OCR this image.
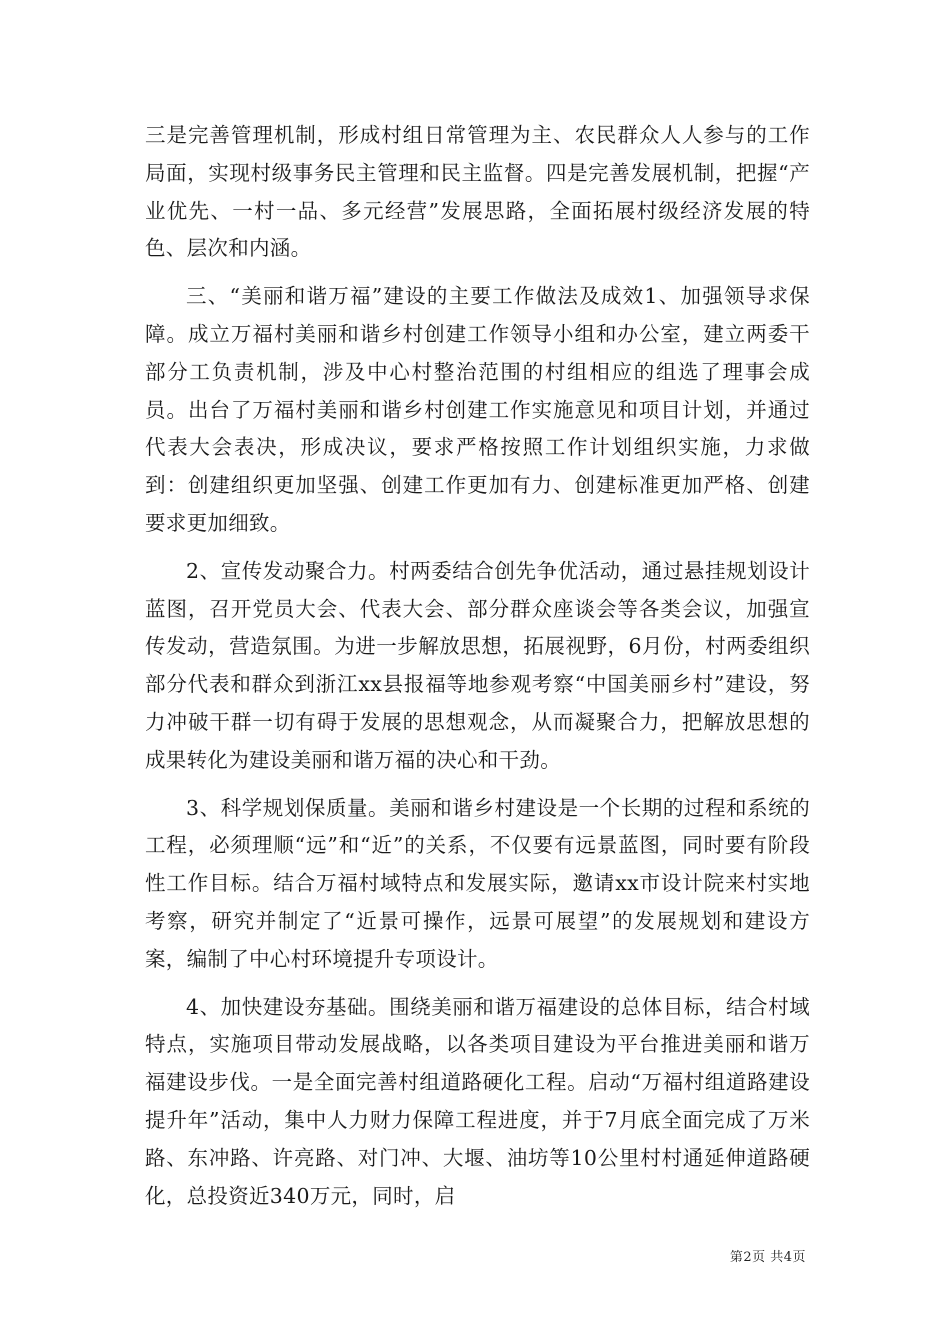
三是完善管理机制，形成村组日常管理为主、农民群众人人参与的工作局面，实现村级事务民主管理和民主监督。四是完善发展机制，把握“产业优先、一村一品、多元经营”发展思路，全面拓展村级经济发展的特色、层次和内涵。

三、“美丽和谐万福”建设的主要工作做法及成效1、加强领导求保障。成立万福村美丽和谐乡村创建工作领导小组和办公室，建立两委干部分工负责机制，涉及中心村整治范围的村组相应的组选了理事会成员。出台了万福村美丽和谐乡村创建工作实施意见和项目计划，并通过代表大会表决，形成决议，要求严格按照工作计划组织实施，力求做到：创建组织更加坚强、创建工作更加有力、创建标准更加严格、创建要求更加细致。

2、宣传发动聚合力。村两委结合创先争优活动，通过悬挂规划设计蓝图，召开党员大会、代表大会、部分群众座谈会等各类会议，加强宣传发动，营造氛围。为进一步解放思想，拓展视野，6月份，村两委组织部分代表和群众到浙江xx县报福等地参观考察“中国美丽乡村”建设，努力冲破干群一切有碍于发展的思想观念，从而凝聚合力，把解放思想的成果转化为建设美丽和谐万福的决心和干劲。

3、科学规划保质量。美丽和谐乡村建设是一个长期的过程和系统的工程，必须理顺“远”和“近”的关系，不仅要有远景蓝图，同时要有阶段性工作目标。结合万福村域特点和发展实际，邀请xx市设计院来村实地考察，研究并制定了“近景可操作，远景可展望”的发展规划和建设方案，编制了中心村环境提升专项设计。

4、加快建设夯基础。围绕美丽和谐万福建设的总体目标，结合村域特点，实施项目带动发展战略，以各类项目建设为平台推进美丽和谐万福建设步伐。一是全面完善村组道路硬化工程。启动“万福村组道路建设提升年”活动，集中人力财力保障工程进度，并于7月底全面完成了万米路、东冲路、许亮路、对门冲、大堰、油坊等10公里村村通延伸道路硬化，总投资近340万元，同时，启

第2页 共4页
